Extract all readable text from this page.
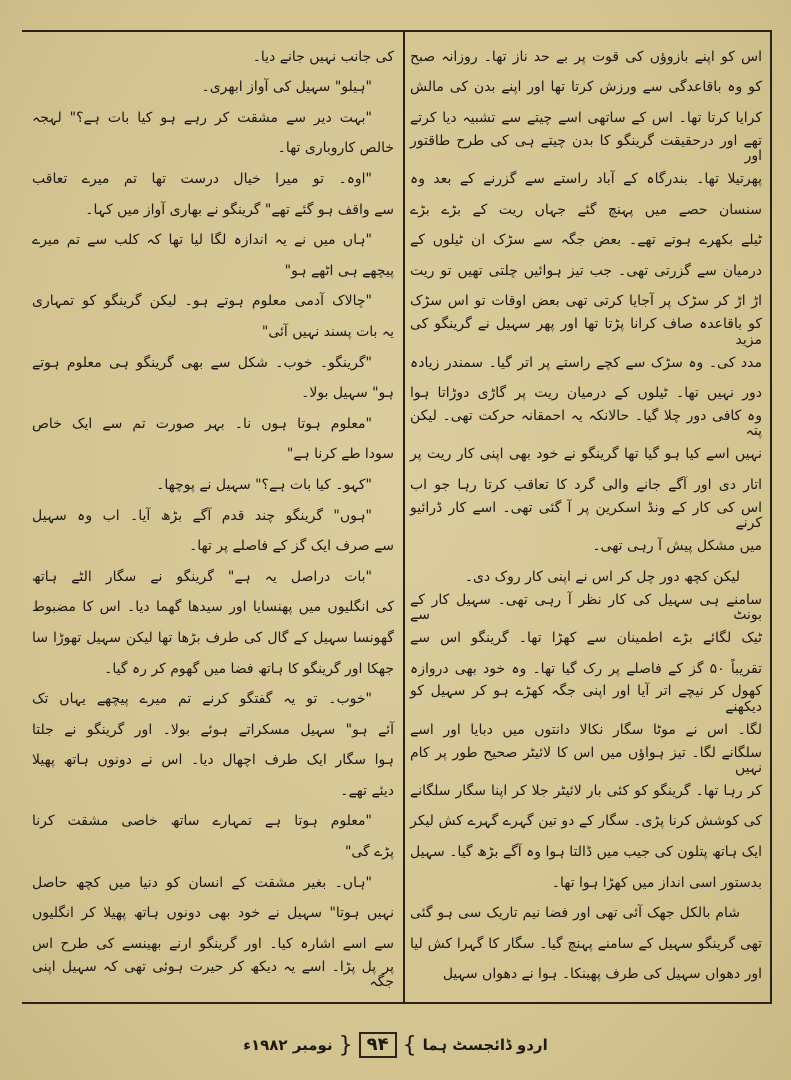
اس کو اپنے بازوؤں کی قوت پر بے حد ناز تھا۔ روزانہ صبح
کو وہ باقاعدگی سے ورزش کرتا تھا اور اپنے بدن کی مالش
کرایا کرتا تھا۔ اس کے ساتھی اسے چیتے سے تشبیہ دیا کرتے
تھے اور درحقیقت گرینگو کا بدن چیتے ہی کی طرح طاقتور اور
پھرتیلا تھا۔ بندرگاہ کے آباد راستے سے گزرنے کے بعد وہ
سنسان حصے میں پہنچ گئے جہاں ریت کے بڑے بڑے
ٹیلے بکھرے ہوتے تھے۔ بعض جگہ سے سڑک ان ٹیلوں کے
درمیان سے گزرتی تھی۔ جب تیز ہوائیں چلتی تھیں تو ریت
اڑ اڑ کر سڑک پر آجایا کرتی تھی بعض اوقات تو اس سڑک
کو باقاعدہ صاف کرانا پڑتا تھا اور پھر سہیل نے گرینگو کی مزید
مدد کی۔ وہ سڑک سے کچے راستے پر اتر گیا۔ سمندر زیادہ
دور نہیں تھا۔ ٹیلوں کے درمیان ریت پر گاڑی دوڑاتا ہوا
وہ کافی دور چلا گیا۔ حالانکہ یہ احمقانہ حرکت تھی۔ لیکن پتہ
نہیں اسے کیا ہو گیا تھا گرینگو نے خود بھی اپنی کار ریت پر
اتار دی اور آگے جانے والی گرد کا تعاقب کرتا رہا جو اب
اس کی کار کے ونڈ اسکرین پر آ گئی تھی۔ اسے کار ڈرائیو کرنے
میں مشکل پیش آ رہی تھی۔
لیکن کچھ دور چل کر اس نے اپنی کار روک دی۔
سامنے ہی سہیل کی کار نظر آ رہی تھی۔ سہیل کار کے بونٹ سے
ٹیک لگائے بڑے اطمینان سے کھڑا تھا۔ گرینگو اس سے
تقریباً ۵۰ گز کے فاصلے پر رک گیا تھا۔ وہ خود بھی دروازہ
کھول کر نیچے اتر آیا اور اپنی جگہ کھڑے ہو کر سہیل کو دیکھنے
لگا۔ اس نے موٹا سگار نکالا دانتوں میں دبایا اور اسے
سلگانے لگا۔ تیز ہواؤں میں اس کا لائیٹر صحیح طور پر کام نہیں
کر رہا تھا۔ گرینگو کو کئی بار لائیٹر جلا کر اپنا سگار سلگانے
کی کوشش کرنا پڑی۔ سگار کے دو تین گہرے گہرے کش لیکر
ایک ہاتھ پتلون کی جیب میں ڈالتا ہوا وہ آگے بڑھ گیا۔ سہیل
بدستور اسی انداز میں کھڑا ہوا تھا۔
شام بالکل جھک آئی تھی اور فضا نیم تاریک سی ہو گئی
تھی گرینگو سہیل کے سامنے پہنچ گیا۔ سگار کا گہرا کش لیا
اور دھواں سہیل کی طرف پھینکا۔ ہوا نے دھواں سہیل
کی جانب نہیں جانے دیا۔
"ہیلو" سہیل کی آواز ابھری۔
"بہت دیر سے مشقت کر رہے ہو کیا بات ہے؟" لہجہ
خالص کاروباری تھا۔
"اوہ۔ تو میرا خیال درست تھا تم میرے تعاقب
سے واقف ہو گئے تھے" گرینگو نے بھاری آواز میں کہا۔
"ہاں میں نے یہ اندازہ لگا لیا تھا کہ کلب سے تم میرے
پیچھے ہی اٹھے ہو"
"چالاک آدمی معلوم ہوتے ہو۔ لیکن گرینگو کو تمہاری
یہ بات پسند نہیں آئی"
"گرینگو۔ خوب۔ شکل سے بھی گرینگو ہی معلوم ہوتے
ہو" سہیل بولا۔
"معلوم ہوتا ہوں نا۔ بہر صورت تم سے ایک خاص
سودا طے کرنا ہے"
"کہو۔ کیا بات ہے؟" سہیل نے پوچھا۔
"ہوں" گرینگو چند قدم آگے بڑھ آیا۔ اب وہ سہیل
سے صرف ایک گز کے فاصلے پر تھا۔
"بات دراصل یہ ہے" گرینگو نے سگار الٹے ہاتھ
کی انگلیوں میں پھنسایا اور سیدھا گھما دیا۔ اس کا مضبوط
گھونسا سہیل کے گال کی طرف بڑھا تھا لیکن سہیل تھوڑا سا
جھکا اور گرینگو کا ہاتھ فضا میں گھوم کر رہ گیا۔
"خوب۔ تو یہ گفتگو کرنے تم میرے پیچھے یہاں تک
آئے ہو" سہیل مسکراتے ہوئے بولا۔ اور گرینگو نے جلتا
ہوا سگار ایک طرف اچھال دیا۔ اس نے دونوں ہاتھ پھیلا
دیئے تھے۔
"معلوم ہوتا ہے تمہارے ساتھ خاصی مشقت کرنا
پڑے گی"
"ہاں۔ بغیر مشقت کے انسان کو دنیا میں کچھ حاصل
نہیں ہوتا" سہیل نے خود بھی دونوں ہاتھ پھیلا کر انگلیوں
سے اسے اشارہ کیا۔ اور گرینگو ارنے بھینسے کی طرح اس
پر پل پڑا۔ اسے یہ دیکھ کر حیرت ہوئی تھی کہ سہیل اپنی جگہ
اردو ڈائجسٹ ہما
}
۹۴
{
نومبر ۱۹۸۲ء
